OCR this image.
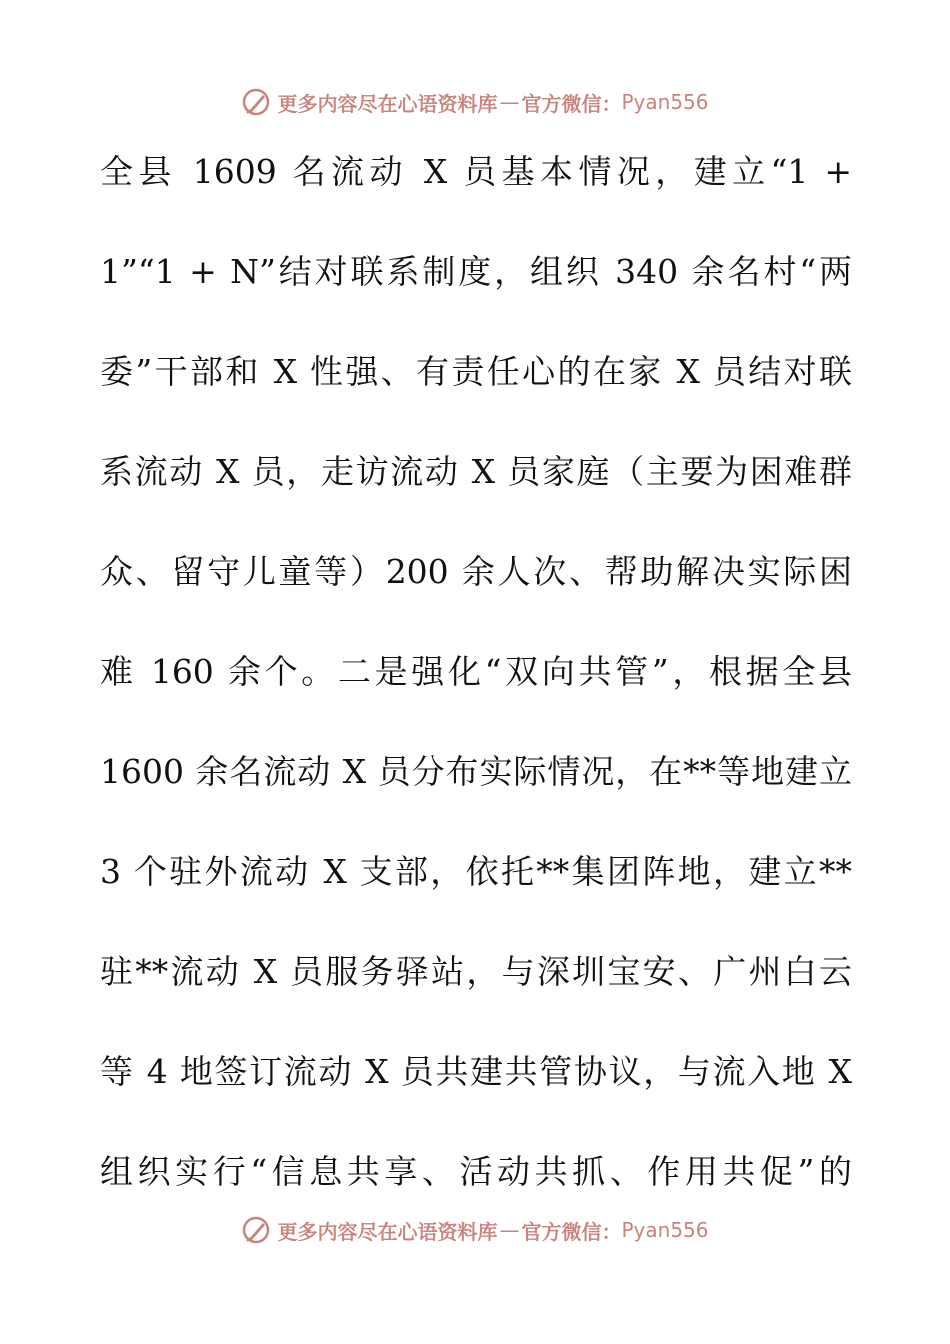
更多内容尽在心语资料库 — 官方微信： Pyan556
全县 1609 名流动 X 员基本情况，建立“1 +
1”“1 + N”结对联系制度，组织 340 余名村“两
委”干部和 X 性强、有责任心的在家 X 员结对联
系流动 X 员，走访流动 X 员家庭（主要为困难群
众、留守儿童等）200 余人次、帮助解决实际困
难 160 余个。二是强化“双向共管”，根据全县
1600 余名流动 X 员分布实际情况，在**等地建立
3 个驻外流动 X 支部，依托**集团阵地，建立**
驻**流动 X 员服务驿站，与深圳宝安、广州白云
等 4 地签订流动 X 员共建共管协议，与流入地 X
组织实行“信息共享、活动共抓、作用共促”的
更多内容尽在心语资料库 — 官方微信： Pyan556
